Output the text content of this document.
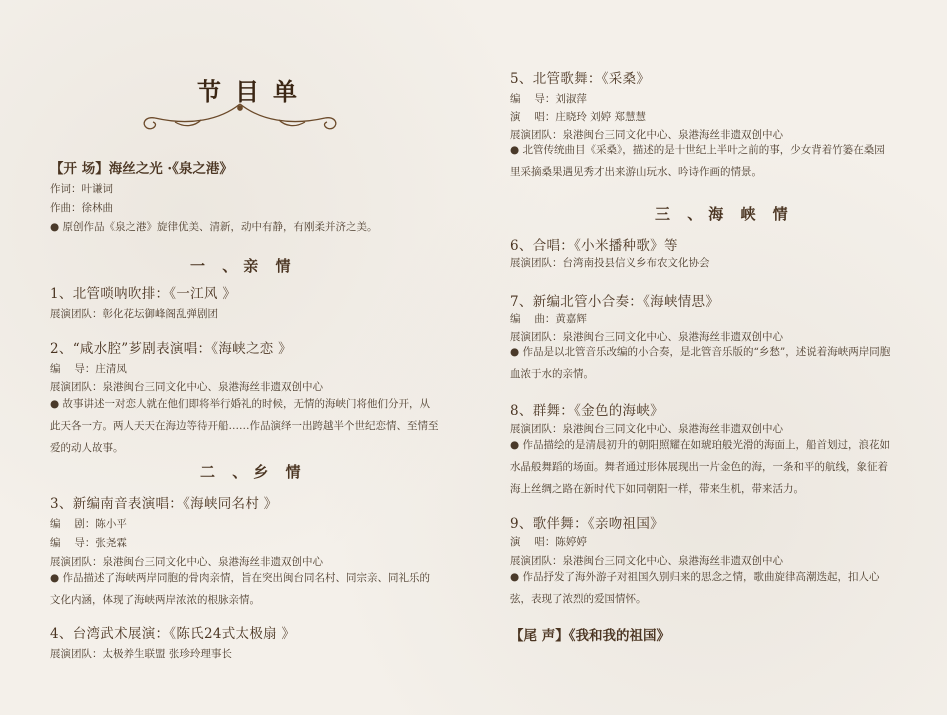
节目单
【开 场】海丝之光 ·《泉之港》
作词：叶谦词
作曲：徐林曲
● 原创作品《泉之港》旋律优美、清新，动中有静，有刚柔并济之美。
一 、亲 情
1、北管唢呐吹排：《一江风 》
展演团队：彰化花坛御峰阁乱弹剧团
2、“咸水腔”芗剧表演唱：《海峡之恋 》
编　 导：庄清凤
展演团队：泉港闽台三同文化中心、泉港海丝非遗双创中心
● 故事讲述一对恋人就在他们即将举行婚礼的时候，无情的海峡门将他们分开，从此天各一方。两人天天在海边等待开船……作品演绎一出跨越半个世纪恋情、至情至爱的动人故事。
二 、乡 情
3、新编南音表演唱：《海峡同名村 》
编　 剧：陈小平
编　 导：张尧霖
展演团队：泉港闽台三同文化中心、泉港海丝非遗双创中心
● 作品描述了海峡两岸同胞的骨肉亲情，旨在突出闽台同名村、同宗亲、同礼乐的文化内涵，体现了海峡两岸浓浓的根脉亲情。
4、台湾武术展演：《陈氏24式太极扇 》
展演团队：太极养生联盟 张珍玲理事长
5、北管歌舞：《采桑》
编　 导：刘淑萍
演　 唱：庄晓玲 刘婷 郑慧慧
展演团队：泉港闽台三同文化中心、泉港海丝非遗双创中心
● 北管传统曲目《采桑》，描述的是十世纪上半叶之前的事，少女背着竹篓在桑园里采摘桑果遇见秀才出来游山玩水、吟诗作画的情景。
三 、海 峡 情
6、合唱：《小米播种歌》等
展演团队：台湾南投县信义乡布农文化协会
7、新编北管小合奏：《海峡情思》
编　 曲：黄嘉辉
展演团队：泉港闽台三同文化中心、泉港海丝非遗双创中心
● 作品是以北管音乐改编的小合奏，是北管音乐版的“乡愁”，述说着海峡两岸同胞血浓于水的亲情。
8、群舞：《金色的海峡》
展演团队：泉港闽台三同文化中心、泉港海丝非遗双创中心
● 作品描绘的是清晨初升的朝阳照耀在如琥珀般光滑的海面上，船首划过，浪花如水晶般舞蹈的场面。舞者通过形体展现出一片金色的海，一条和平的航线，象征着海上丝绸之路在新时代下如同朝阳一样，带来生机，带来活力。
9、歌伴舞：《亲吻祖国》
演　 唱：陈婷婷
展演团队：泉港闽台三同文化中心、泉港海丝非遗双创中心
● 作品抒发了海外游子对祖国久别归来的思念之情，歌曲旋律高潮迭起，扣人心弦，表现了浓烈的爱国情怀。
【尾 声】《我和我的祖国》
